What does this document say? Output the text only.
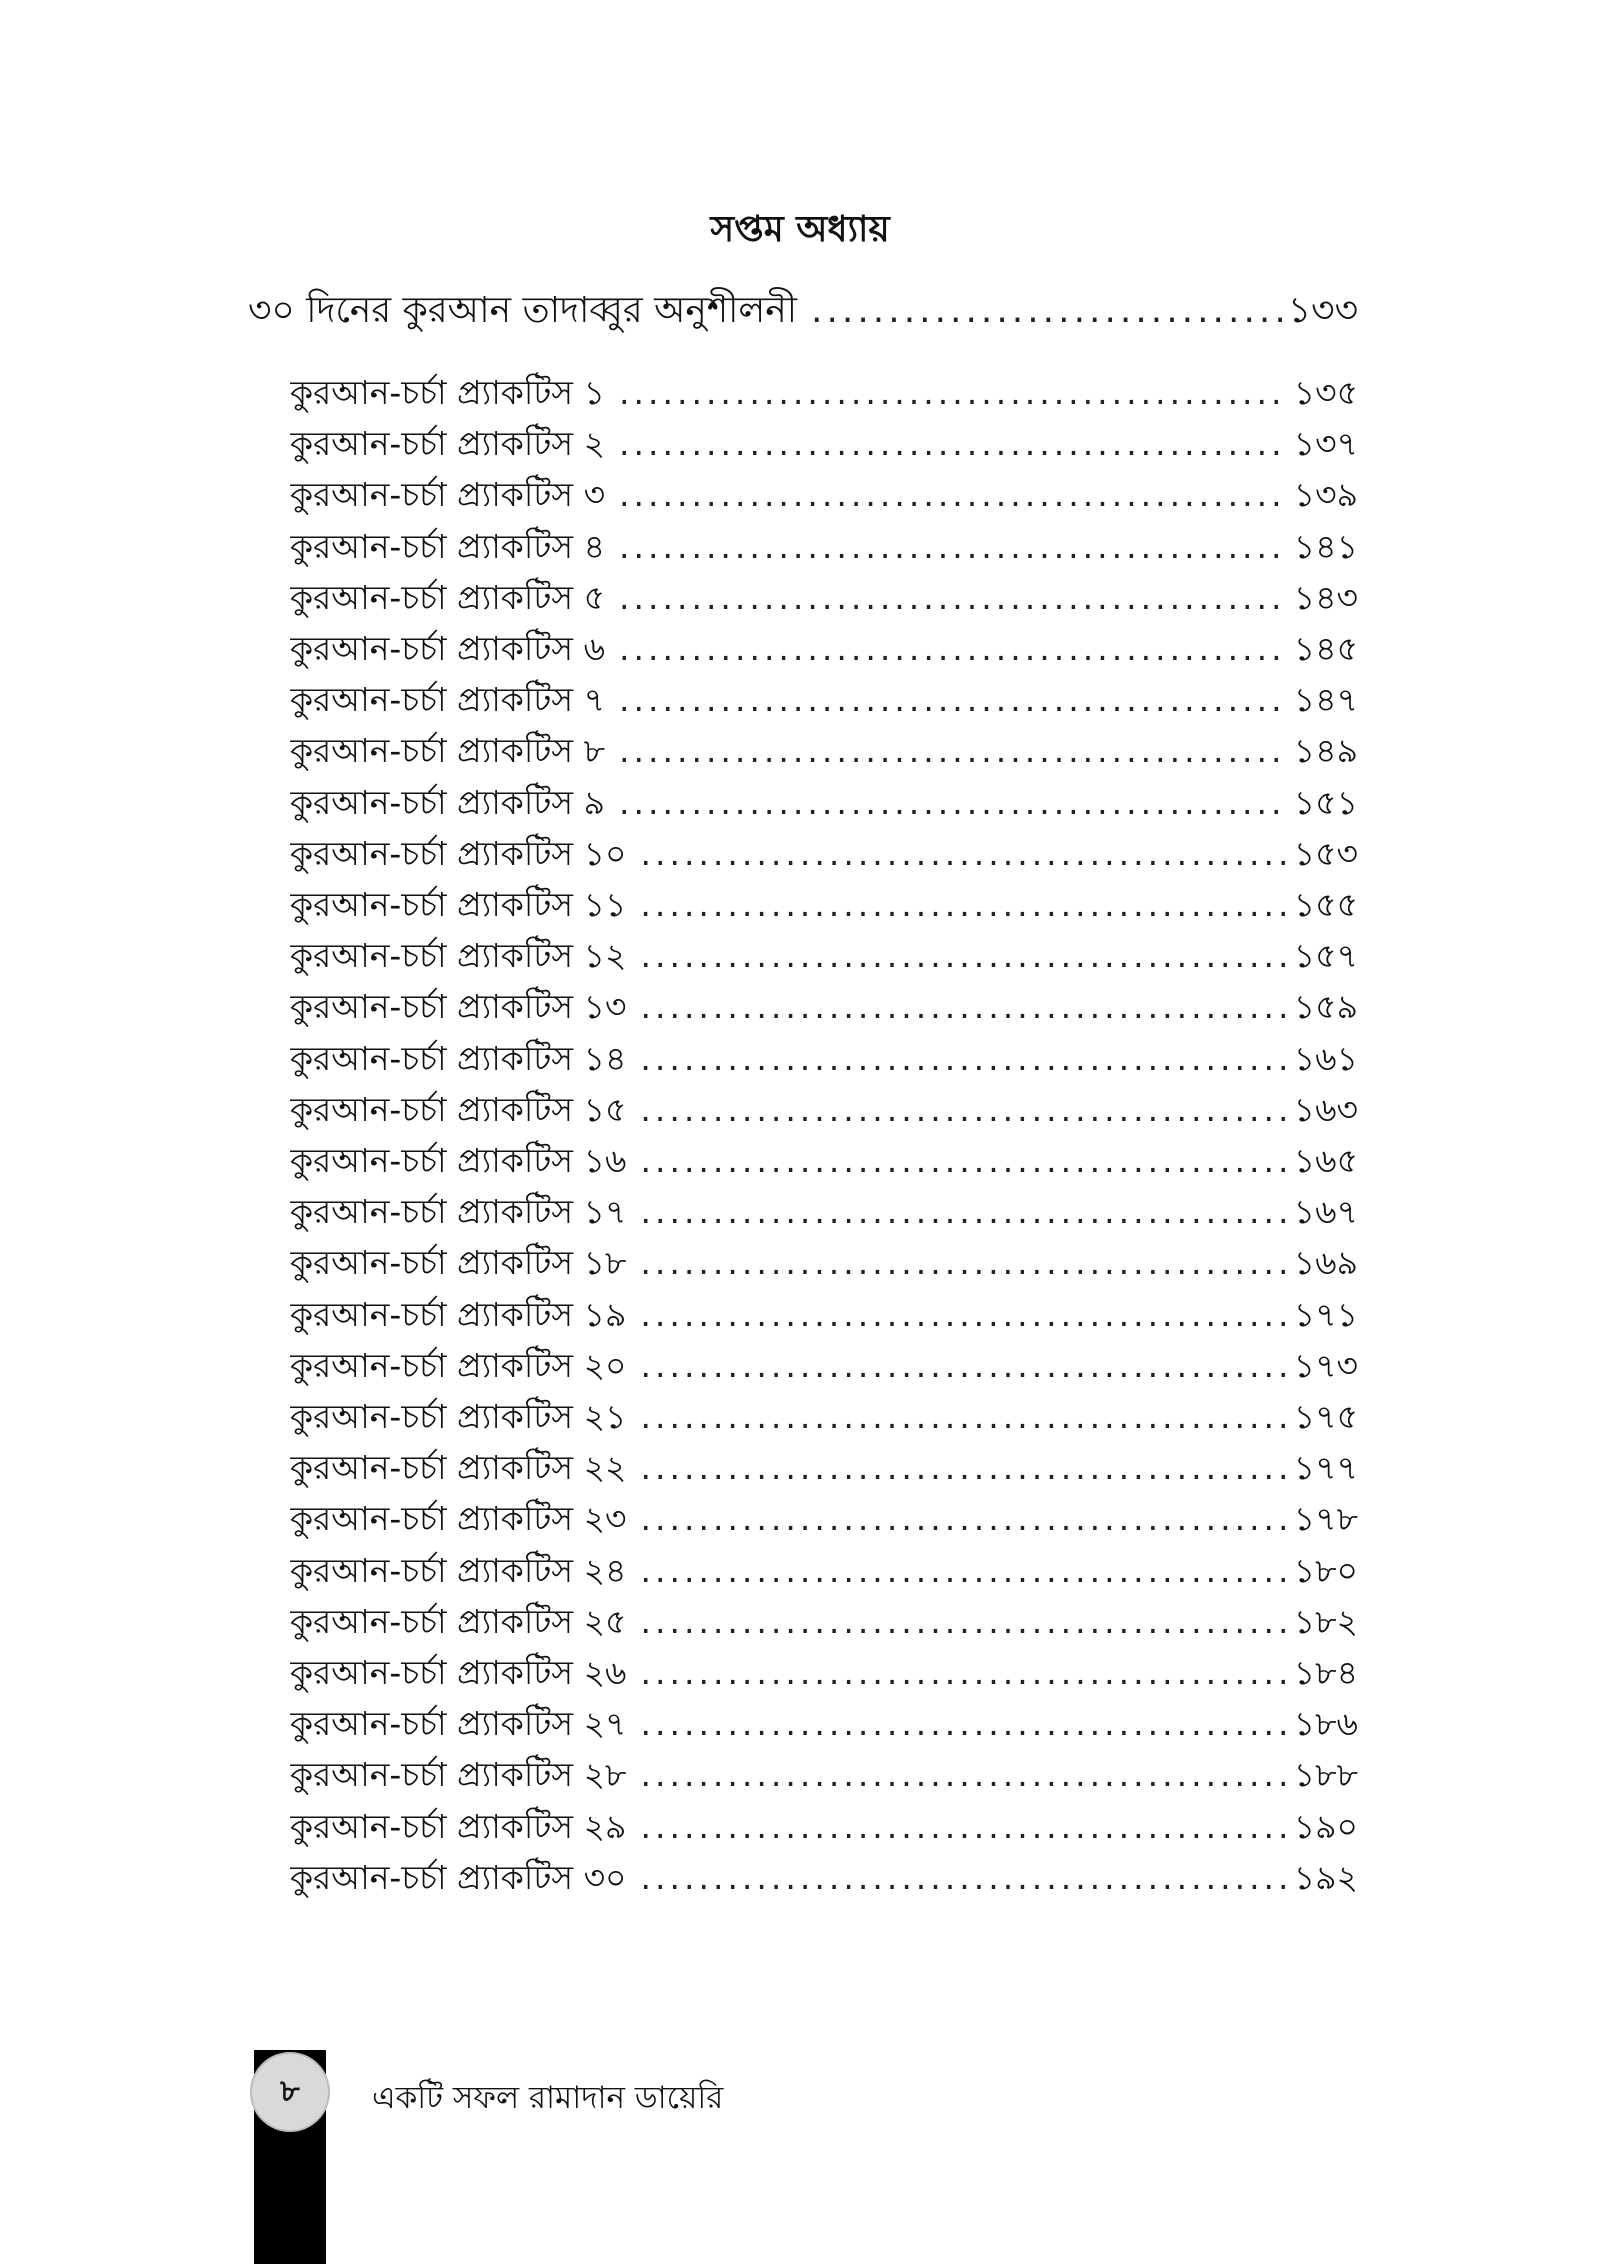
সপ্তম অধ্যায়
৩০ দিনের কুরআন তাদাব্বুর অনুশীলনী .....	১৩৩
কুরআন-চর্চা প্র্যাকটিস ১ .....	১৩৫
কুরআন-চর্চা প্র্যাকটিস ২ .....	১৩৭
কুরআন-চর্চা প্র্যাকটিস ৩ .....	১৩৯
কুরআন-চর্চা প্র্যাকটিস ৪ .....	১৪১
কুরআন-চর্চা প্র্যাকটিস ৫ .....	১৪৩
কুরআন-চর্চা প্র্যাকটিস ৬ .....	১৪৫
কুরআন-চর্চা প্র্যাকটিস ৭ .....	১৪৭
কুরআন-চর্চা প্র্যাকটিস ৮ .....	১৪৯
কুরআন-চর্চা প্র্যাকটিস ৯ .....	১৫১
কুরআন-চর্চা প্র্যাকটিস ১০ .....	১৫৩
কুরআন-চর্চা প্র্যাকটিস ১১ .....	১৫৫
কুরআন-চর্চা প্র্যাকটিস ১২ .....	১৫৭
কুরআন-চর্চা প্র্যাকটিস ১৩ .....	১৫৯
কুরআন-চর্চা প্র্যাকটিস ১৪ .....	১৬১
কুরআন-চর্চা প্র্যাকটিস ১৫ .....	১৬৩
কুরআন-চর্চা প্র্যাকটিস ১৬ .....	১৬৫
কুরআন-চর্চা প্র্যাকটিস ১৭ .....	১৬৭
কুরআন-চর্চা প্র্যাকটিস ১৮ .....	১৬৯
কুরআন-চর্চা প্র্যাকটিস ১৯ .....	১৭১
কুরআন-চর্চা প্র্যাকটিস ২০ .....	১৭৩
কুরআন-চর্চা প্র্যাকটিস ২১ .....	১৭৫
কুরআন-চর্চা প্র্যাকটিস ২২ .....	১৭৭
কুরআন-চর্চা প্র্যাকটিস ২৩ .....	১৭৮
কুরআন-চর্চা প্র্যাকটিস ২৪ .....	১৮০
কুরআন-চর্চা প্র্যাকটিস ২৫ .....	১৮২
কুরআন-চর্চা প্র্যাকটিস ২৬ .....	১৮৪
কুরআন-চর্চা প্র্যাকটিস ২৭ .....	১৮৬
কুরআন-চর্চা প্র্যাকটিস ২৮ .....	১৮৮
কুরআন-চর্চা প্র্যাকটিস ২৯ .....	১৯০
কুরআন-চর্চা প্র্যাকটিস ৩০ .....	১৯২
৮ একটি সফল রামাদান ডায়েরি
